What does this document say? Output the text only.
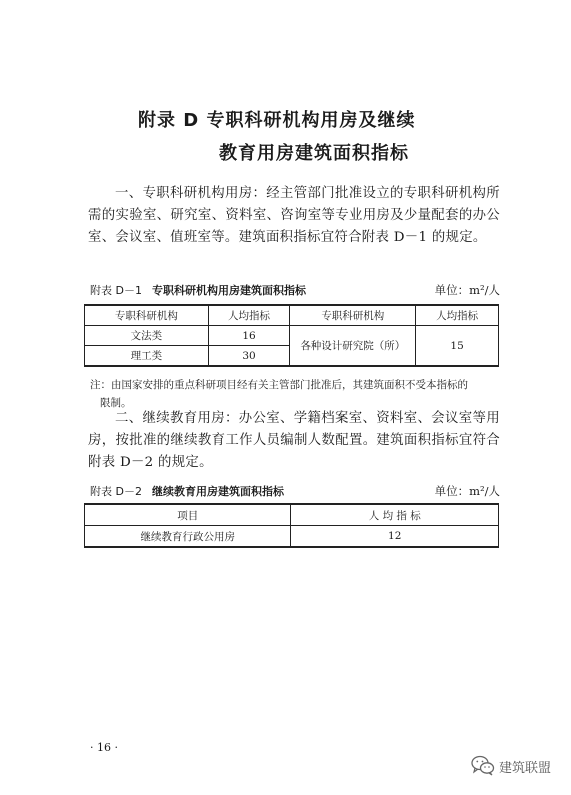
附录 D 专职科研机构用房及继续
教育用房建筑面积指标
一、专职科研机构用房：经主管部门批准设立的专职科研机构所需的实验室、研究室、资料室、咨询室等专业用房及少量配套的办公室、会议室、值班室等。建筑面积指标宜符合附表 D－1 的规定。
附表 D－1 专职科研机构用房建筑面积指标	单位：m²/人
专职科研机构	人均指标	专职科研机构	人均指标
文法类	16	各种设计研究院（所）	15
理工类	30		
注：由国家安排的重点科研项目经有关主管部门批准后，其建筑面积不受本指标的
限制。
二、继续教育用房：办公室、学籍档案室、资料室、会议室等用房，按批准的继续教育工作人员编制人数配置。建筑面积指标宜符合附表 D－2 的规定。
附表 D－2 继续教育用房建筑面积指标	单位：m²/人
项目	人 均 指 标
继续教育行政公用房	12
· 16 ·
建筑联盟
